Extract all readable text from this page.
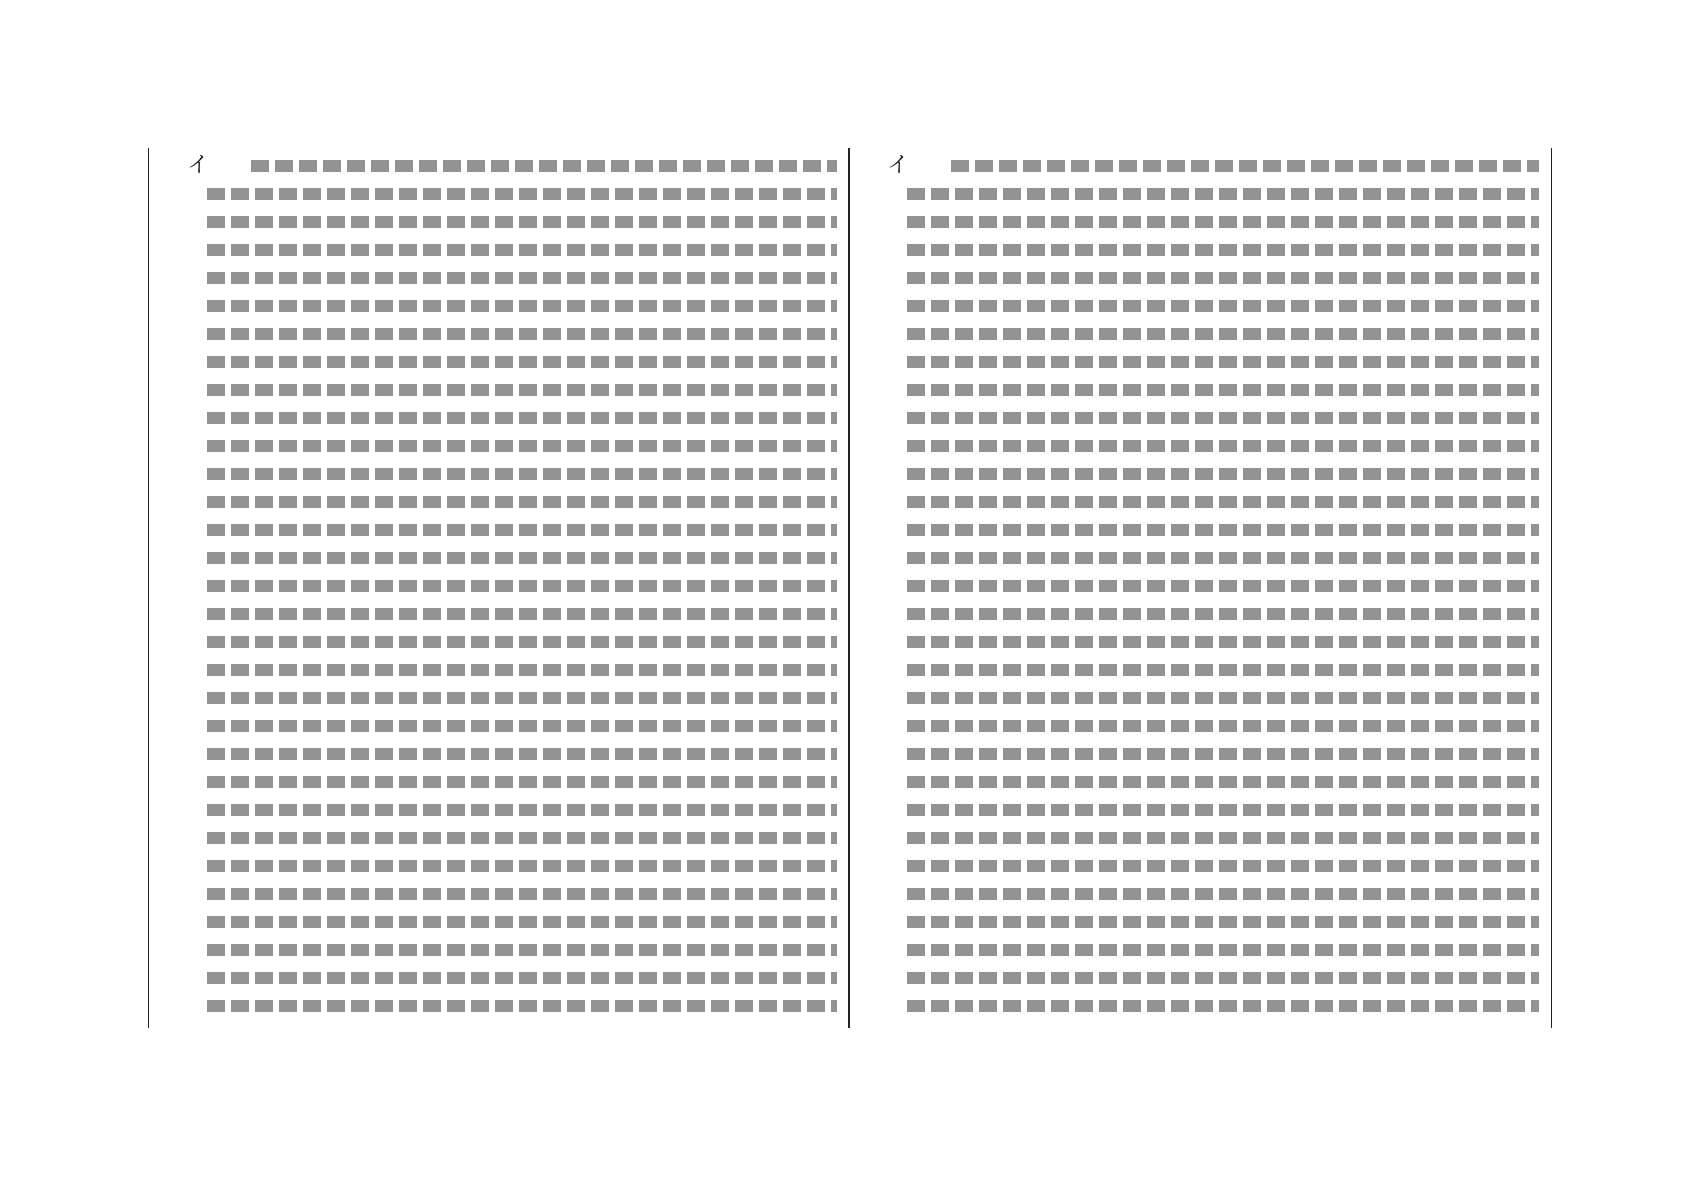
イ	イ
